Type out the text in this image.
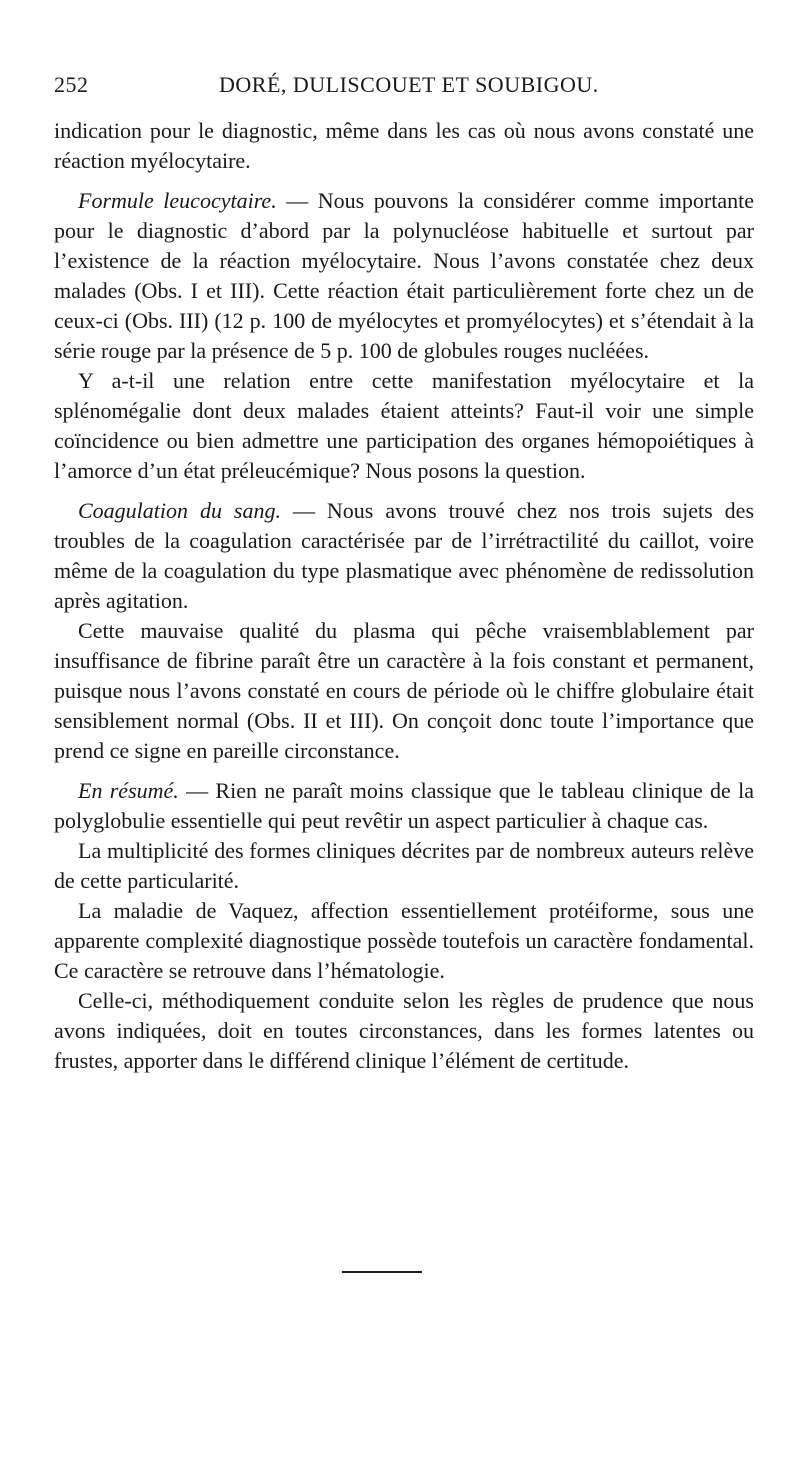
252	DORÉ, DULISCOUET ET SOUBIGOU.

indication pour le diagnostic, même dans les cas où nous avons constaté une réaction myélocytaire.

Formule leucocytaire. — Nous pouvons la considérer comme importante pour le diagnostic d’abord par la polynucléose habituelle et surtout par l’existence de la réaction myélocytaire. Nous l’avons constatée chez deux malades (Obs. I et III). Cette réaction était particulièrement forte chez un de ceux-ci (Obs. III) (12 p. 100 de myélocytes et promyélocytes) et s’étendait à la série rouge par la présence de 5 p. 100 de globules rouges nucléées.

Y a-t-il une relation entre cette manifestation myélocytaire et la splénomégalie dont deux malades étaient atteints? Faut-il voir une simple coïncidence ou bien admettre une participation des organes hémopoiétiques à l’amorce d’un état préleucémique? Nous posons la question.

Coagulation du sang. — Nous avons trouvé chez nos trois sujets des troubles de la coagulation caractérisée par de l’irrétractilité du caillot, voire même de la coagulation du type plasmatique avec phénomène de redissolution après agitation.

Cette mauvaise qualité du plasma qui pêche vraisemblablement par insuffisance de fibrine paraît être un caractère à la fois constant et permanent, puisque nous l’avons constaté en cours de période où le chiffre globulaire était sensiblement normal (Obs. II et III). On conçoit donc toute l’importance que prend ce signe en pareille circonstance.

En résumé. — Rien ne paraît moins classique que le tableau clinique de la polyglobulie essentielle qui peut revêtir un aspect particulier à chaque cas.

La multiplicité des formes cliniques décrites par de nombreux auteurs relève de cette particularité.

La maladie de Vaquez, affection essentiellement protéiforme, sous une apparente complexité diagnostique possède toutefois un caractère fondamental. Ce caractère se retrouve dans l’hématologie.

Celle-ci, méthodiquement conduite selon les règles de prudence que nous avons indiquées, doit en toutes circonstances, dans les formes latentes ou frustes, apporter dans le différend clinique l’élément de certitude.
